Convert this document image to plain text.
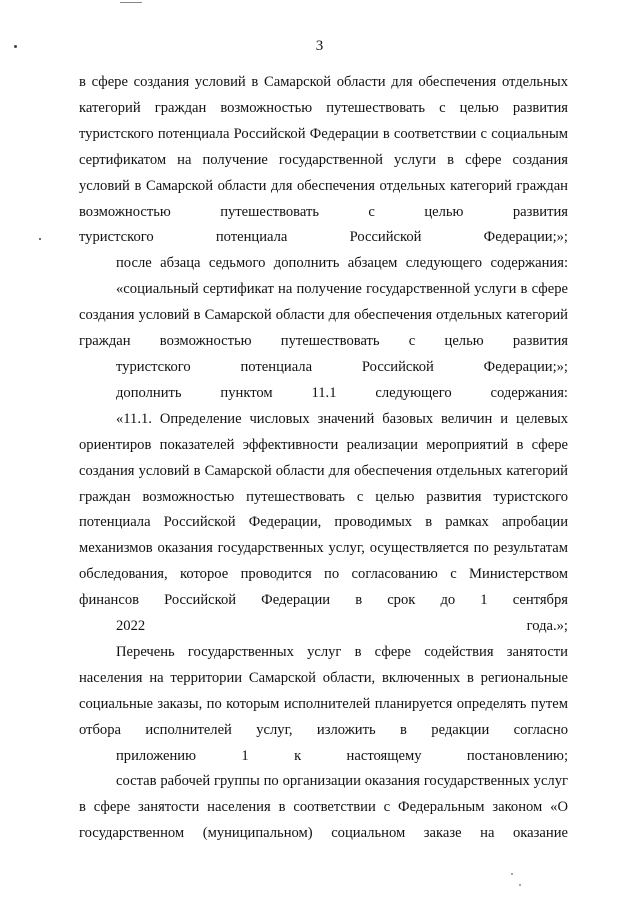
3

в сфере создания условий в Самарской области для обеспечения отдельных категорий граждан возможностью путешествовать с целью развития туристского потенциала Российской Федерации в соответствии с социальным сертификатом на получение государственной услуги в сфере создания условий в Самарской области для обеспечения отдельных категорий граждан возможностью путешествовать с целью развития
туристского потенциала Российской Федерации;»;

после абзаца седьмого дополнить абзацем следующего содержания:

«социальный сертификат на получение государственной услуги в сфере создания условий в Самарской области для обеспечения отдельных категорий граждан возможностью путешествовать с целью развития
туристского потенциала Российской Федерации;»;

дополнить пунктом 11.1 следующего содержания:

«11.1. Определение числовых значений базовых величин и целевых ориентиров показателей эффективности реализации мероприятий в сфере создания условий в Самарской области для обеспечения отдельных категорий граждан возможностью путешествовать с целью развития туристского потенциала Российской Федерации, проводимых в рамках апробации механизмов оказания государственных услуг, осуществляется по результатам обследования, которое проводится по согласованию с Министерством финансов Российской Федерации в срок до 1 сентября
2022 года.»;

Перечень государственных услуг в сфере содействия занятости населения на территории Самарской области, включенных в региональные социальные заказы, по которым исполнителей планируется определять путем отбора исполнителей услуг, изложить в редакции согласно
приложению 1 к настоящему постановлению;

состав рабочей группы по организации оказания государственных услуг в сфере занятости населения в соответствии с Федеральным законом «О государственном (муниципальном) социальном заказе на оказание
